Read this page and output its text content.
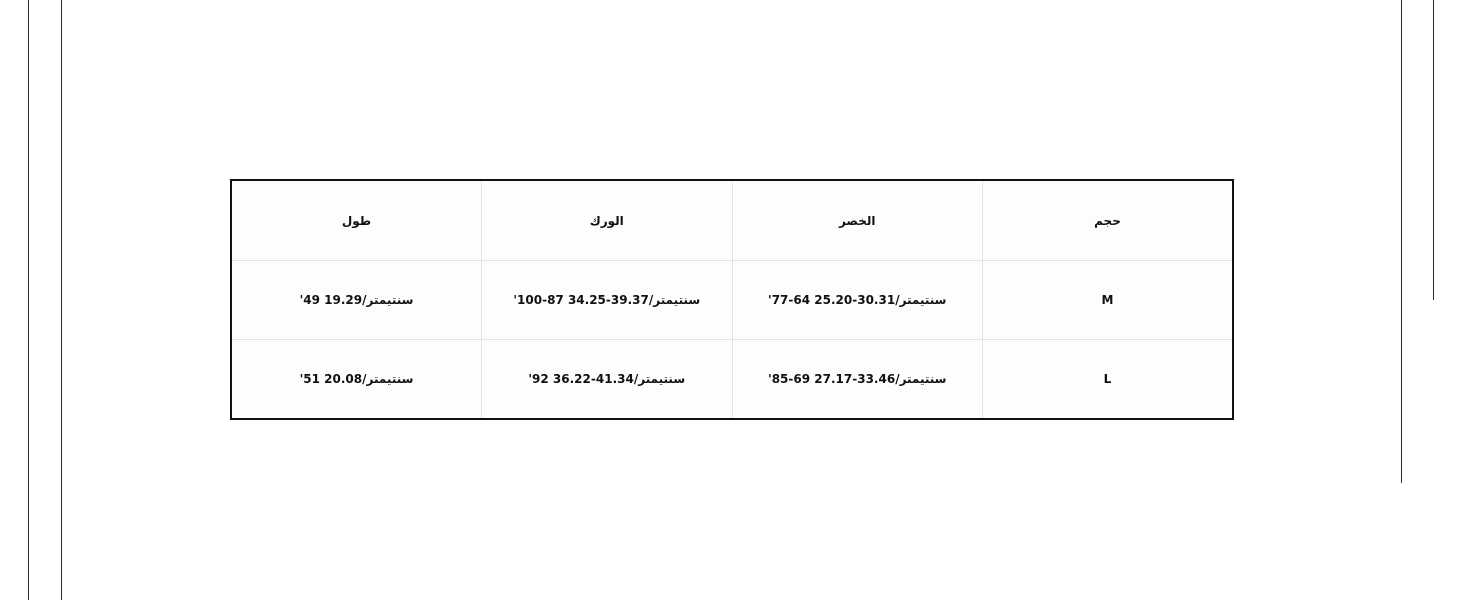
طول	الورك	الخصر	حجم
'سنتيمتر/19.29 49	'سنتيمتر/39.37-34.25 87-100	'سنتيمتر/30.31-25.20 64-77	M
'سنتيمتر/20.08 51	'سنتيمتر/41.34-36.22 92	'سنتيمتر/33.46-27.17 69-85	L
